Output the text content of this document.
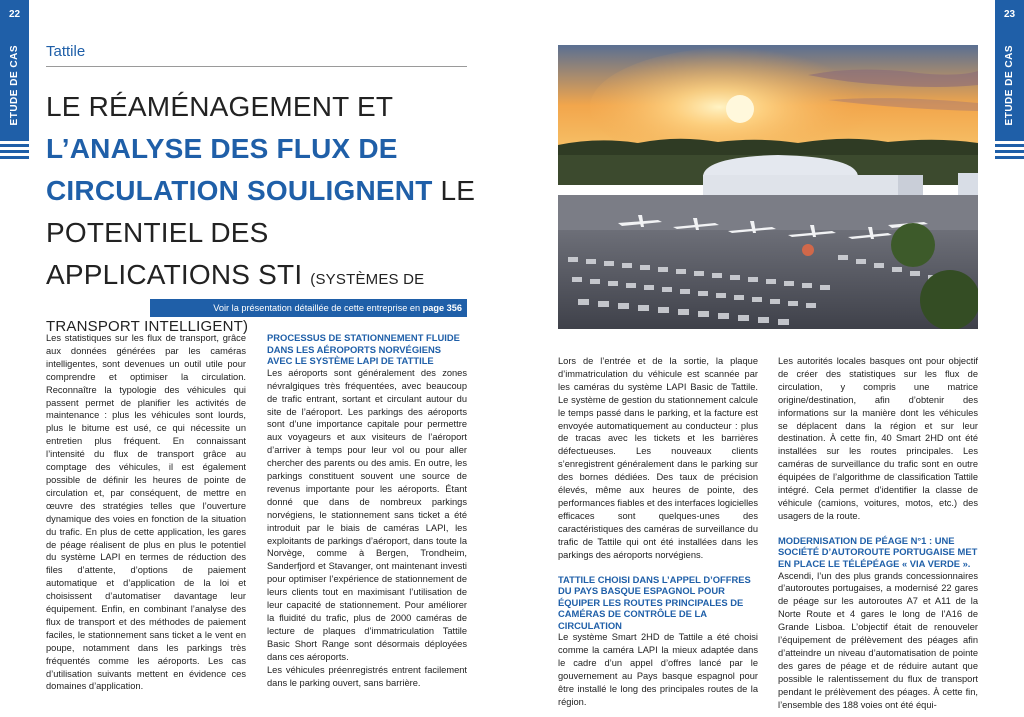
22
ETUDE DE CAS
23
ETUDE DE CAS
Tattile
LE RÉAMÉNAGEMENT ET L’ANALYSE DES FLUX DE CIRCULATION SOULIGNENT LE POTENTIEL DES APPLICATIONS STI (SYSTÈMES DE TRANSPORT INTELLIGENT)
Voir la présentation détaillée de cette entreprise en page 356

Les statistiques sur les flux de transport, grâce aux données générées par les caméras intelligentes, sont devenues un outil utile pour comprendre et optimiser la circulation. Reconnaître la typologie des véhicules qui passent permet de planifier les activités de maintenance : plus les véhicules sont lourds, plus le bitume est usé, ce qui nécessite un entretien plus fréquent. En connaissant l’intensité du flux de transport grâce au comptage des véhicules, il est également possible de définir les heures de pointe de circulation et, par conséquent, de mettre en œuvre des stratégies telles que l’ouverture dynamique des voies en fonction de la situation du trafic. En plus de cette application, les gares de péage réalisent de plus en plus le potentiel du système LAPI en termes de réduction des files d’attente, d’options de paiement automatique et d’application de la loi et choisissent d’automatiser davantage leur équipement. Enfin, en combinant l’analyse des flux de transport et des méthodes de paiement faciles, le stationnement sans ticket a le vent en poupe, notamment dans les parkings très fréquentés comme les aéroports. Les cas d’utilisation suivants mettent en évidence ces domaines d’application.

PROCESSUS DE STATIONNEMENT FLUIDE DANS LES AÉROPORTS NORVÉGIENS AVEC LE SYSTÈME LAPI DE TATTILE

Les aéroports sont généralement des zones névralgiques très fréquentées, avec beaucoup de trafic entrant, sortant et circulant autour du site de l’aéroport. Les parkings des aéroports sont d’une importance capitale pour permettre aux voyageurs et aux visiteurs de l’aéroport d’arriver à temps pour leur vol ou pour aller chercher des parents ou des amis. En outre, les parkings constituent souvent une source de revenus importante pour les aéroports. Étant donné que dans de nombreux parkings norvégiens, le stationnement sans ticket a été introduit par le biais de caméras LAPI, les exploitants de parkings d’aéroport, dans toute la Norvège, comme à Bergen, Trondheim, Sanderfjord et Stavanger, ont maintenant investi pour optimiser l’expérience de stationnement de leurs clients tout en maximisant l’utilisation de leur capacité de stationnement. Pour améliorer la fluidité du trafic, plus de 2000 caméras de lecture de plaques d’immatriculation Tattile Basic Short Range sont désormais déployées dans ces aéroports.

Les véhicules préenregistrés entrent facilement dans le parking ouvert, sans barrière.

Lors de l’entrée et de la sortie, la plaque d’immatriculation du véhicule est scannée par les caméras du système LAPI Basic de Tattile. Le système de gestion du stationnement calcule le temps passé dans le parking, et la facture est envoyée automatiquement au conducteur : plus de tracas avec les tickets et les barrières défectueuses. Les nouveaux clients s’enregistrent généralement dans le parking sur des bornes dédiées. Des taux de précision élevés, même aux heures de pointe, des performances fiables et des interfaces logicielles efficaces sont quelques-unes des caractéristiques des caméras de surveillance du trafic de Tattile qui ont été installées dans les parkings des aéroports norvégiens.

TATTILE CHOISI DANS L’APPEL D’OFFRES DU PAYS BASQUE ESPAGNOL POUR ÉQUIPER LES ROUTES PRINCIPALES DE CAMÉRAS DE CONTRÔLE DE LA CIRCULATION

Le système Smart 2HD de Tattile a été choisi comme la caméra LAPI la mieux adaptée dans le cadre d’un appel d’offres lancé par le gouvernement au Pays basque espagnol pour être installé le long des principales routes de la région.

Les autorités locales basques ont pour objectif de créer des statistiques sur les flux de circulation, y compris une matrice origine/destination, afin d’obtenir des informations sur la manière dont les véhicules se déplacent dans la région et sur leur destination. À cette fin, 40 Smart 2HD ont été installées sur les routes principales. Les caméras de surveillance du trafic sont en outre équipées de l’algorithme de classification Tattile intégré. Cela permet d’identifier la classe de véhicule (camions, voitures, motos, etc.) des usagers de la route.

MODERNISATION DE PÉAGE N°1 : UNE SOCIÉTÉ D’AUTOROUTE PORTUGAISE MET EN PLACE LE TÉLÉPÉAGE « VIA VERDE ».

Ascendi, l’un des plus grands concessionnaires d’autoroutes portugaises, a modernisé 22 gares de péage sur les autoroutes A7 et A11 de la Norte Route et 4 gares le long de l’A16 de Grande Lisboa. L’objectif était de renouveler l’équipement de prélèvement des péages afin d’atteindre un niveau d’automatisation de pointe des gares de péage et de réduire autant que possible le ralentissement du flux de transport pendant le prélèvement des péages. À cette fin, l’ensemble des 188 voies ont été équi-
